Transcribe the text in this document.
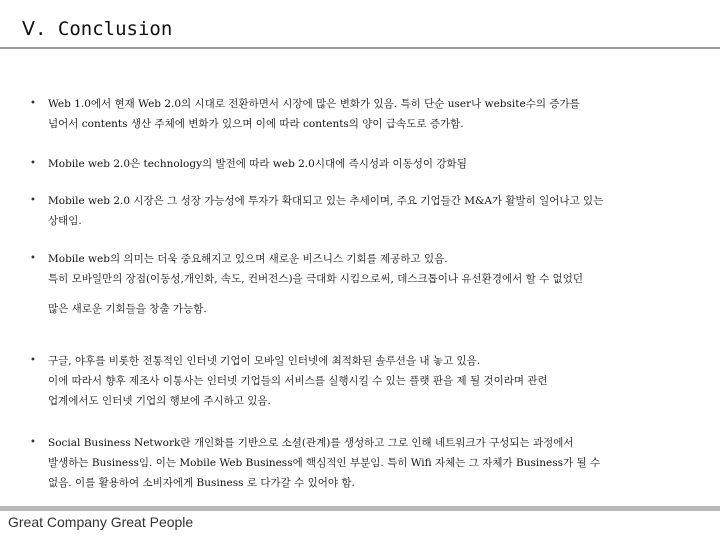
Ⅴ. Conclusion
• Web 1.0에서 현재 Web 2.0의 시대로 전환하면서 시장에 많은 변화가 있음. 특히 단순 user나 website수의 증가를
넘어서 contents 생산 주체에 변화가 있으며 이에 따라 contents의 양이 급속도로 증가함.
• Mobile web 2.0은 technology의 발전에 따라 web 2.0시대에 즉시성과 이동성이 강화됨
• Mobile web 2.0 시장은 그 성장 가능성에 투자가 확대되고 있는 추세이며, 주요 기업들간 M&A가 활발히 일어나고 있는
상태임.
• Mobile web의 의미는 더욱 중요해지고 있으며 새로운 비즈니스 기회를 제공하고 있음.
특히 모바일만의 장점(이동성,개인화, 속도, 컨버전스)을 극대화 시킴으로써, 데스크톱이나 유선환경에서 할 수 없었던
많은 새로운 기회들을 창출 가능함.
• 구글, 야후를 비롯한 전통적인 인터넷 기업이 모바일 인터넷에 최적화된 솔루션을 내 놓고 있음.
이에 따라서 향후 제조사 이통사는 인터넷 기업들의 서비스를 실행시킬 수 있는 플랫 판을 제 될 것이라며 관련
업계에서도 인터넷 기업의 행보에 주시하고 있음.
• Social Business Network란 개인화를 기반으로 소셜(관계)를 생성하고 그로 인해 네트워크가 구성되는 과정에서
발생하는 Business임. 이는 Mobile Web Business에 핵심적인 부분임. 특히 Wifi 자체는 그 자체가 Business가 될 수
없음. 이를 활용하여 소비자에게 Business 로 다가갈 수 있어야 함.
Great Company Great People
